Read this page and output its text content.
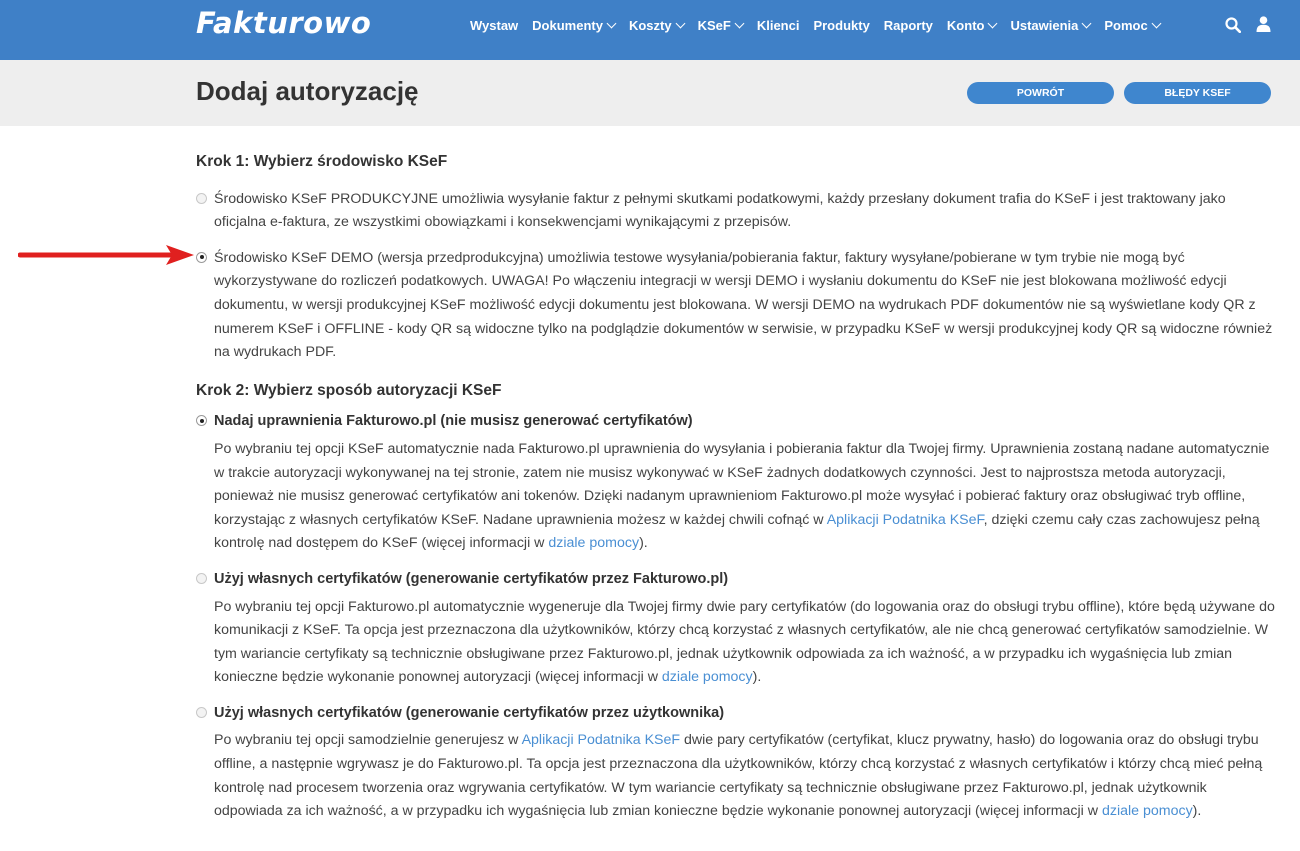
Fakturowo	Wystaw Dokumenty Koszty KSeF Klienci Produkty Raporty Konto Ustawienia Pomoc
Dodaj autoryzację	POWRÓT	BŁĘDY KSEF
Krok 1: Wybierz środowisko KSeF
Środowisko KSeF PRODUKCYJNE umożliwia wysyłanie faktur z pełnymi skutkami podatkowymi, każdy przesłany dokument trafia do KSeF i jest traktowany jako oficjalna e-faktura, ze wszystkimi obowiązkami i konsekwencjami wynikającymi z przepisów.
Środowisko KSeF DEMO (wersja przedprodukcyjna) umożliwia testowe wysyłania/pobierania faktur, faktury wysyłane/pobierane w tym trybie nie mogą być wykorzystywane do rozliczeń podatkowych. UWAGA! Po włączeniu integracji w wersji DEMO i wysłaniu dokumentu do KSeF nie jest blokowana możliwość edycji dokumentu, w wersji produkcyjnej KSeF możliwość edycji dokumentu jest blokowana. W wersji DEMO na wydrukach PDF dokumentów nie są wyświetlane kody QR z numerem KSeF i OFFLINE - kody QR są widoczne tylko na podglądzie dokumentów w serwisie, w przypadku KSeF w wersji produkcyjnej kody QR są widoczne również na wydrukach PDF.
Krok 2: Wybierz sposób autoryzacji KSeF
Nadaj uprawnienia Fakturowo.pl (nie musisz generować certyfikatów)
Po wybraniu tej opcji KSeF automatycznie nada Fakturowo.pl uprawnienia do wysyłania i pobierania faktur dla Twojej firmy. Uprawnienia zostaną nadane automatycznie w trakcie autoryzacji wykonywanej na tej stronie, zatem nie musisz wykonywać w KSeF żadnych dodatkowych czynności. Jest to najprostsza metoda autoryzacji, ponieważ nie musisz generować certyfikatów ani tokenów. Dzięki nadanym uprawnieniom Fakturowo.pl może wysyłać i pobierać faktury oraz obsługiwać tryb offline, korzystając z własnych certyfikatów KSeF. Nadane uprawnienia możesz w każdej chwili cofnąć w Aplikacji Podatnika KSeF, dzięki czemu cały czas zachowujesz pełną kontrolę nad dostępem do KSeF (więcej informacji w dziale pomocy).
Użyj własnych certyfikatów (generowanie certyfikatów przez Fakturowo.pl)
Po wybraniu tej opcji Fakturowo.pl automatycznie wygeneruje dla Twojej firmy dwie pary certyfikatów (do logowania oraz do obsługi trybu offline), które będą używane do komunikacji z KSeF. Ta opcja jest przeznaczona dla użytkowników, którzy chcą korzystać z własnych certyfikatów, ale nie chcą generować certyfikatów samodzielnie. W tym wariancie certyfikaty są technicznie obsługiwane przez Fakturowo.pl, jednak użytkownik odpowiada za ich ważność, a w przypadku ich wygaśnięcia lub zmian konieczne będzie wykonanie ponownej autoryzacji (więcej informacji w dziale pomocy).
Użyj własnych certyfikatów (generowanie certyfikatów przez użytkownika)
Po wybraniu tej opcji samodzielnie generujesz w Aplikacji Podatnika KSeF dwie pary certyfikatów (certyfikat, klucz prywatny, hasło) do logowania oraz do obsługi trybu offline, a następnie wgrywasz je do Fakturowo.pl. Ta opcja jest przeznaczona dla użytkowników, którzy chcą korzystać z własnych certyfikatów i którzy chcą mieć pełną kontrolę nad procesem tworzenia oraz wgrywania certyfikatów. W tym wariancie certyfikaty są technicznie obsługiwane przez Fakturowo.pl, jednak użytkownik odpowiada za ich ważność, a w przypadku ich wygaśnięcia lub zmian konieczne będzie wykonanie ponownej autoryzacji (więcej informacji w dziale pomocy).
